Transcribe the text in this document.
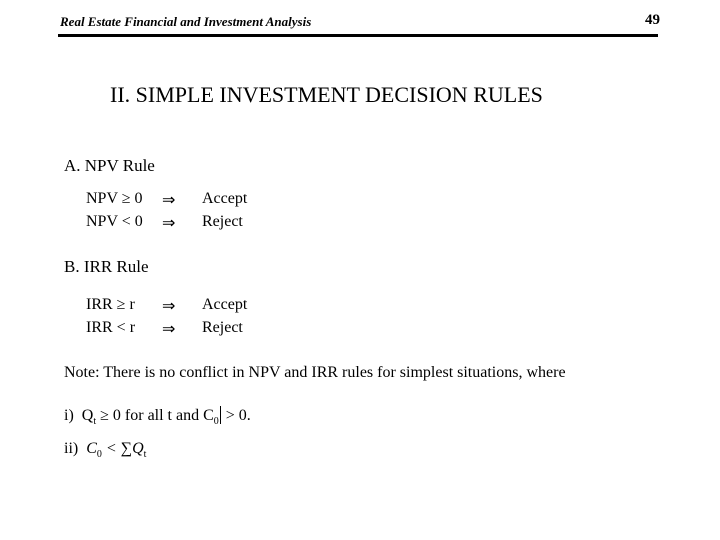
Real Estate Financial and Investment Analysis	49
II. SIMPLE INVESTMENT DECISION RULES
A. NPV Rule
NPV ≥ 0 ⇒ Accept
NPV < 0 ⇒ Reject
B. IRR Rule
IRR ≥ r ⇒ Accept
IRR < r ⇒ Reject
Note: There is no conflict in NPV and IRR rules for simplest situations, where
i) $Q_t \ge 0$ for all t and $C_0 > 0$.
ii) $C_0 < \sum Q_t$
